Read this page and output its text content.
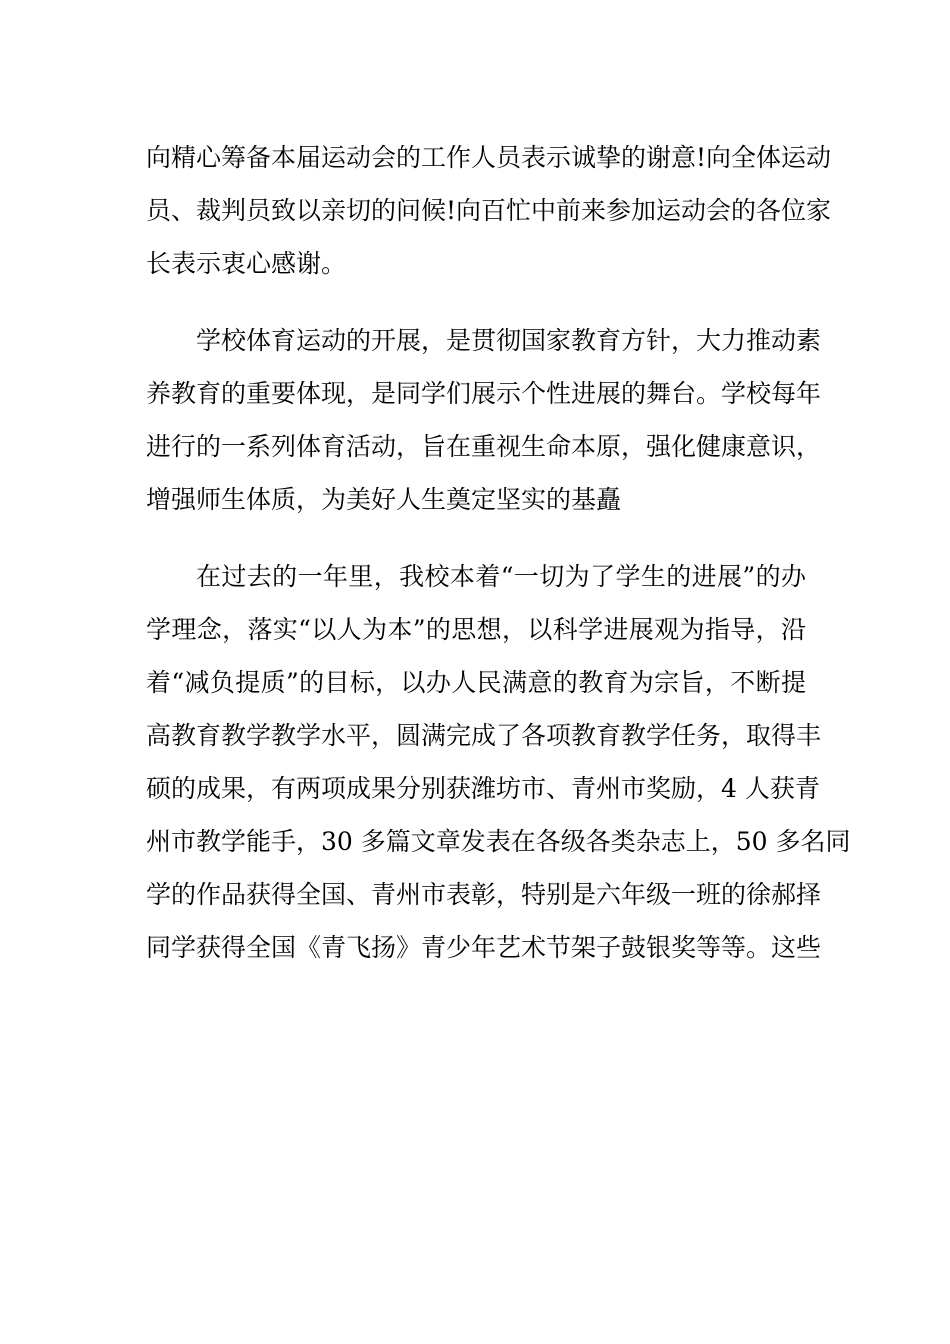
向精心筹备本届运动会的工作人员表示诚挚的谢意!向全体运动
员、裁判员致以亲切的问候!向百忙中前来参加运动会的各位家
长表示衷心感谢。
学校体育运动的开展，是贯彻国家教育方针，大力推动素
养教育的重要体现，是同学们展示个性进展的舞台。学校每年
进行的一系列体育活动，旨在重视生命本原，强化健康意识，
增强师生体质，为美好人生奠定坚实的基矗
在过去的一年里，我校本着“一切为了学生的进展”的办
学理念，落实“以人为本”的思想，以科学进展观为指导，沿
着“减负提质”的目标，以办人民满意的教育为宗旨，不断提
高教育教学教学水平，圆满完成了各项教育教学任务，取得丰
硕的成果，有两项成果分别获潍坊市、青州市奖励，4 人获青
州市教学能手，30 多篇文章发表在各级各类杂志上，50 多名同
学的作品获得全国、青州市表彰，特别是六年级一班的徐郝择
同学获得全国《青飞扬》青少年艺术节架子鼓银奖等等。这些
